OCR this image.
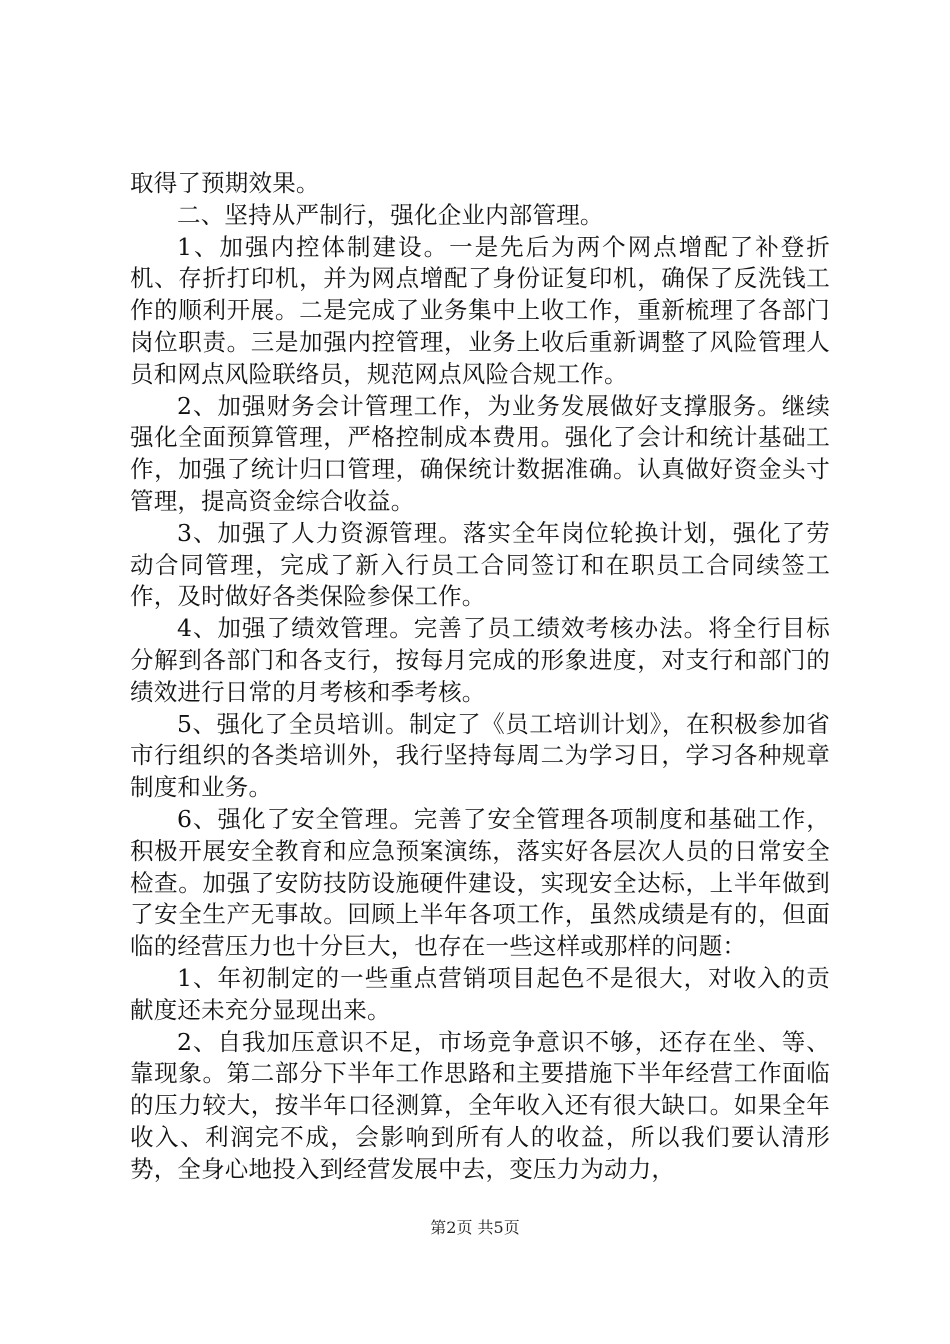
取得了预期效果。

二、坚持从严制行，强化企业内部管理。

1、加强内控体制建设。一是先后为两个网点增配了补登折机、存折打印机，并为网点增配了身份证复印机，确保了反洗钱工作的顺利开展。二是完成了业务集中上收工作，重新梳理了各部门岗位职责。三是加强内控管理，业务上收后重新调整了风险管理人员和网点风险联络员，规范网点风险合规工作。

2、加强财务会计管理工作，为业务发展做好支撑服务。继续强化全面预算管理，严格控制成本费用。强化了会计和统计基础工作，加强了统计归口管理，确保统计数据准确。认真做好资金头寸管理，提高资金综合收益。

3、加强了人力资源管理。落实全年岗位轮换计划，强化了劳动合同管理，完成了新入行员工合同签订和在职员工合同续签工作，及时做好各类保险参保工作。

4、加强了绩效管理。完善了员工绩效考核办法。将全行目标分解到各部门和各支行，按每月完成的形象进度，对支行和部门的绩效进行日常的月考核和季考核。

5、强化了全员培训。制定了《员工培训计划》，在积极参加省市行组织的各类培训外，我行坚持每周二为学习日，学习各种规章制度和业务。

6、强化了安全管理。完善了安全管理各项制度和基础工作，积极开展安全教育和应急预案演练，落实好各层次人员的日常安全检查。加强了安防技防设施硬件建设，实现安全达标，上半年做到了安全生产无事故。回顾上半年各项工作，虽然成绩是有的，但面临的经营压力也十分巨大，也存在一些这样或那样的问题：

1、年初制定的一些重点营销项目起色不是很大，对收入的贡献度还未充分显现出来。

2、自我加压意识不足，市场竞争意识不够，还存在坐、等、靠现象。第二部分下半年工作思路和主要措施下半年经营工作面临的压力较大，按半年口径测算，全年收入还有很大缺口。如果全年收入、利润完不成，会影响到所有人的收益，所以我们要认清形势，全身心地投入到经营发展中去，变压力为动力，

第2页 共5页
